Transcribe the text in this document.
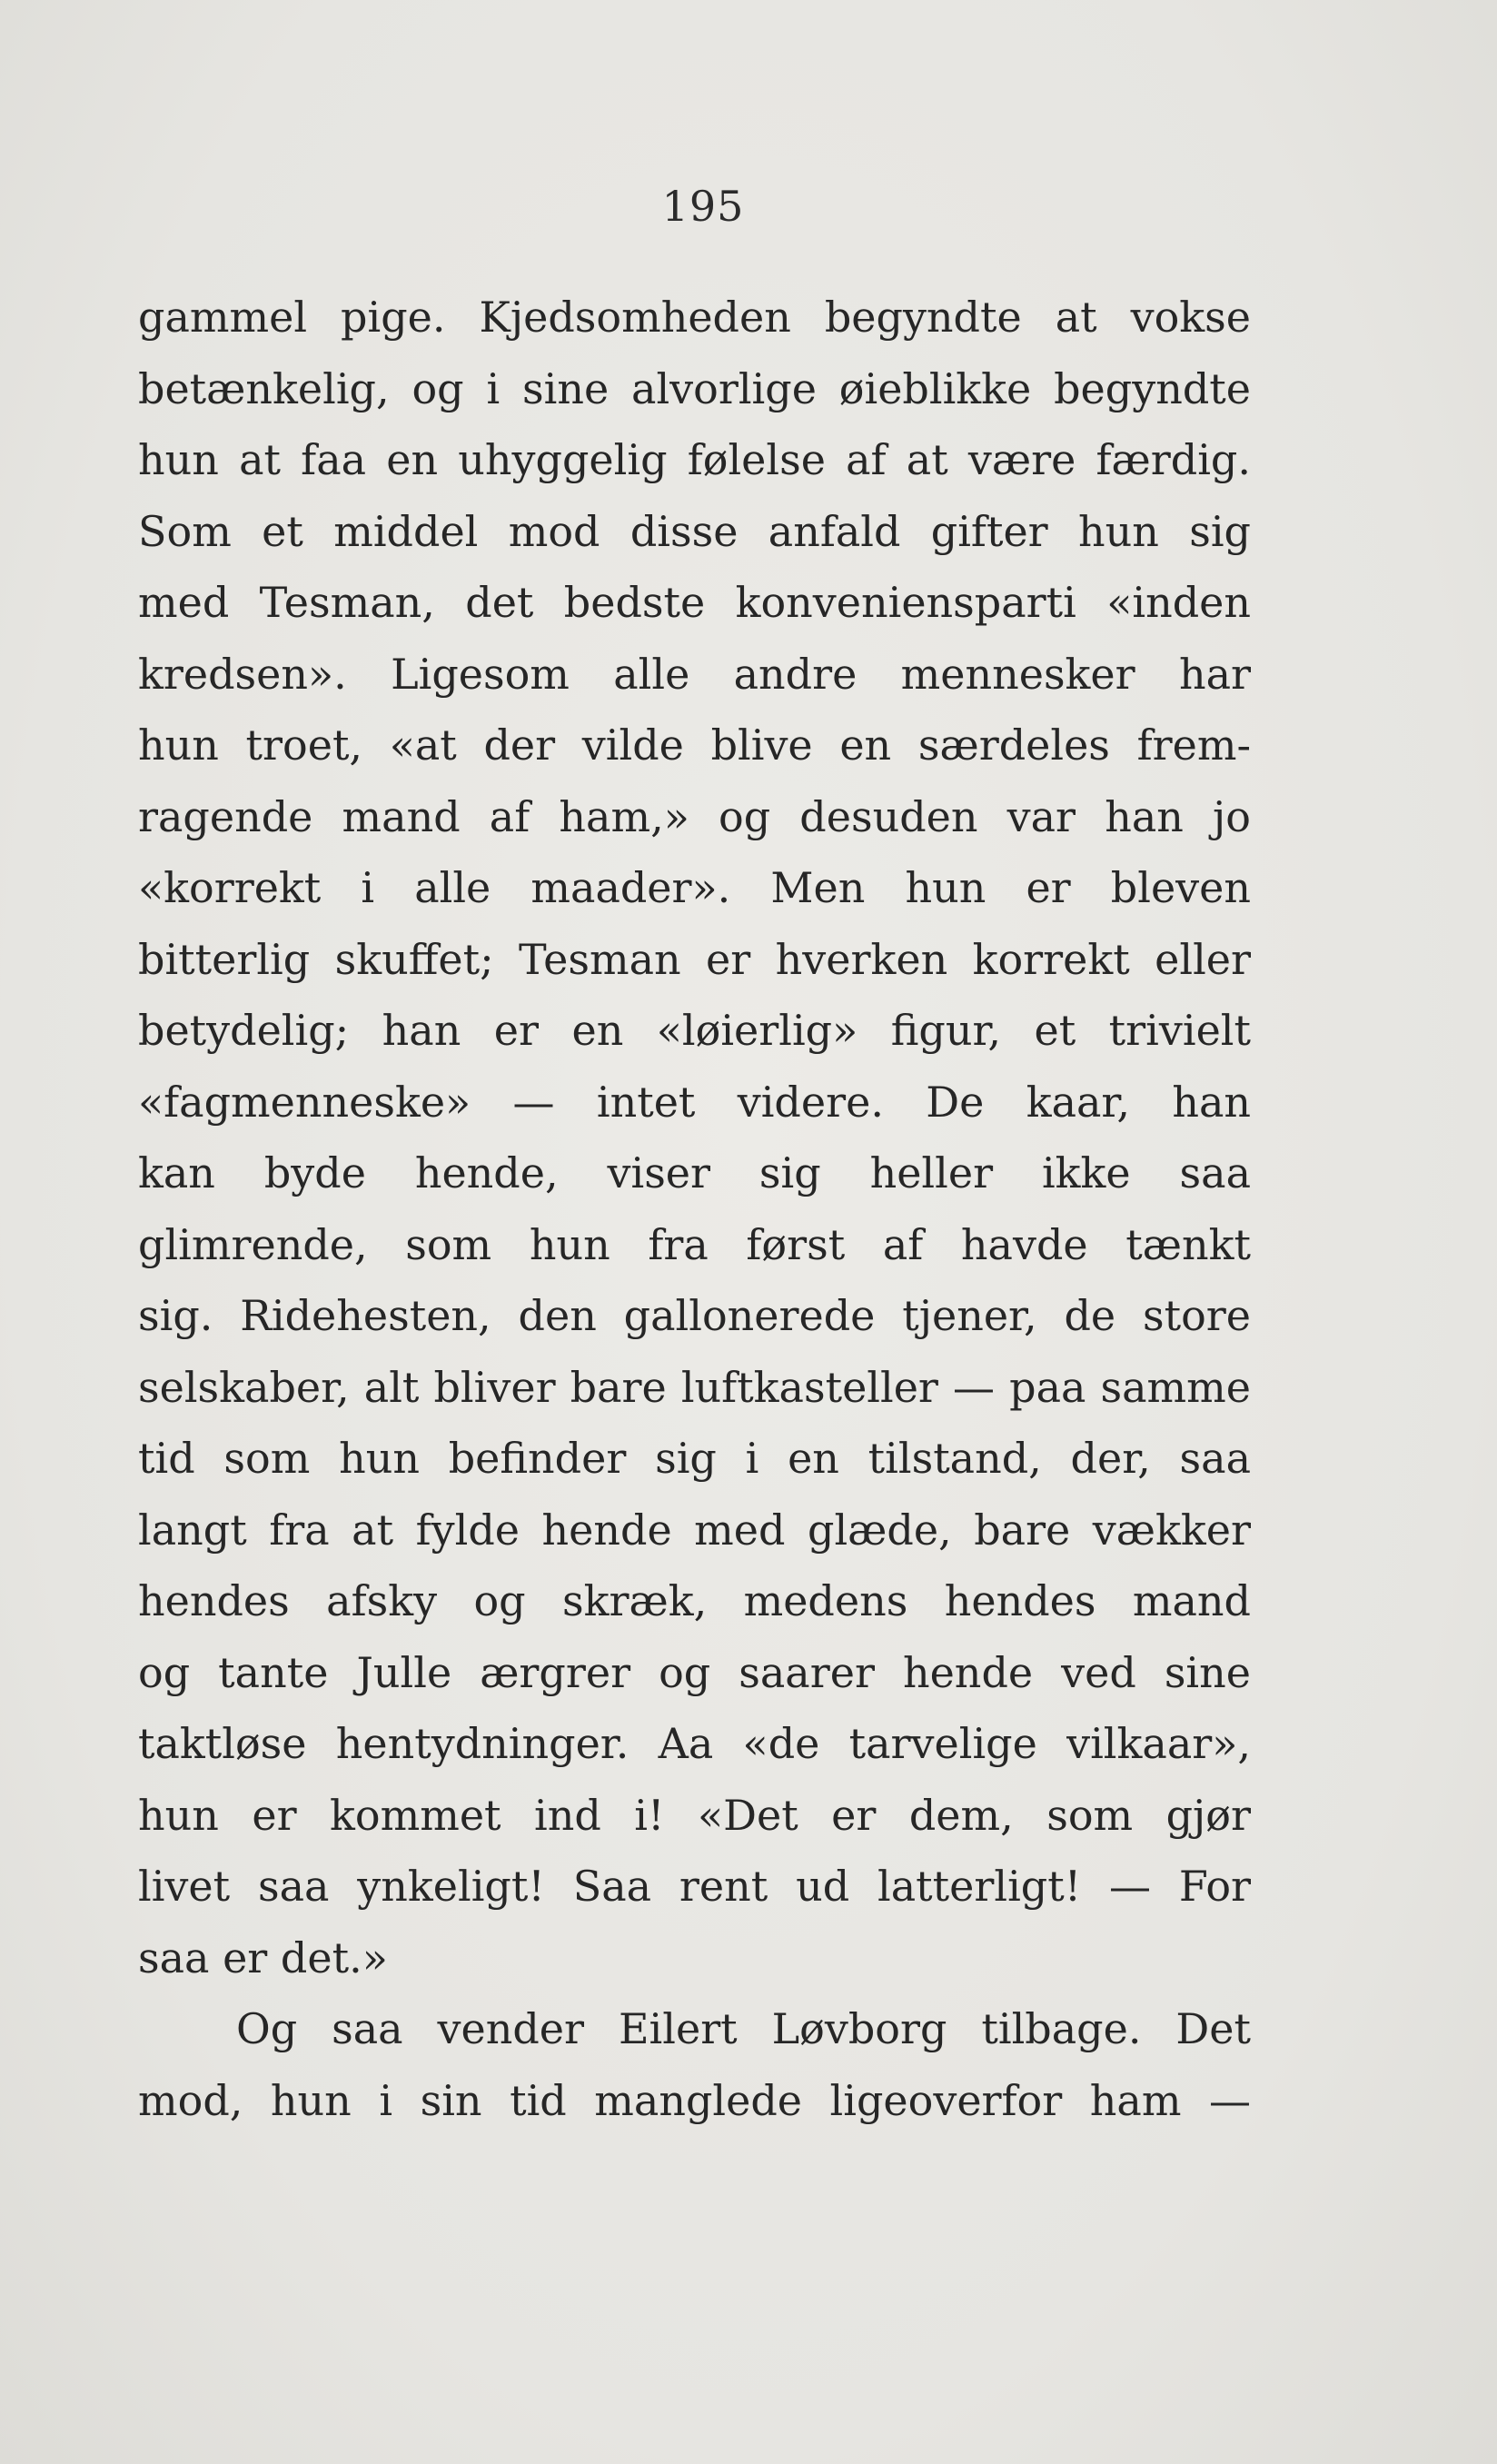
195
gammel pige. Kjedsomheden begyndte at vokse
betænkelig, og i sine alvorlige øieblikke begyndte
hun at faa en uhyggelig følelse af at være færdig.
Som et middel mod disse anfald gifter hun sig
med Tesman, det bedste konveniensparti «inden
kredsen». Ligesom alle andre mennesker har
hun troet, «at der vilde blive en særdeles frem-
ragende mand af ham,» og desuden var han jo
«korrekt i alle maader». Men hun er bleven
bitterlig skuffet; Tesman er hverken korrekt eller
betydelig; han er en «løierlig» figur, et trivielt
«fagmenneske» — intet videre. De kaar, han
kan byde hende, viser sig heller ikke saa
glimrende, som hun fra først af havde tænkt
sig. Ridehesten, den gallonerede tjener, de store
selskaber, alt bliver bare luftkasteller — paa samme
tid som hun befinder sig i en tilstand, der, saa
langt fra at fylde hende med glæde, bare vækker
hendes afsky og skræk, medens hendes mand
og tante Julle ærgrer og saarer hende ved sine
taktløse hentydninger. Aa «de tarvelige vilkaar»,
hun er kommet ind i! «Det er dem, som gjør
livet saa ynkeligt! Saa rent ud latterligt! — For
saa er det.»
Og saa vender Eilert Løvborg tilbage. Det
mod, hun i sin tid manglede ligeoverfor ham —
